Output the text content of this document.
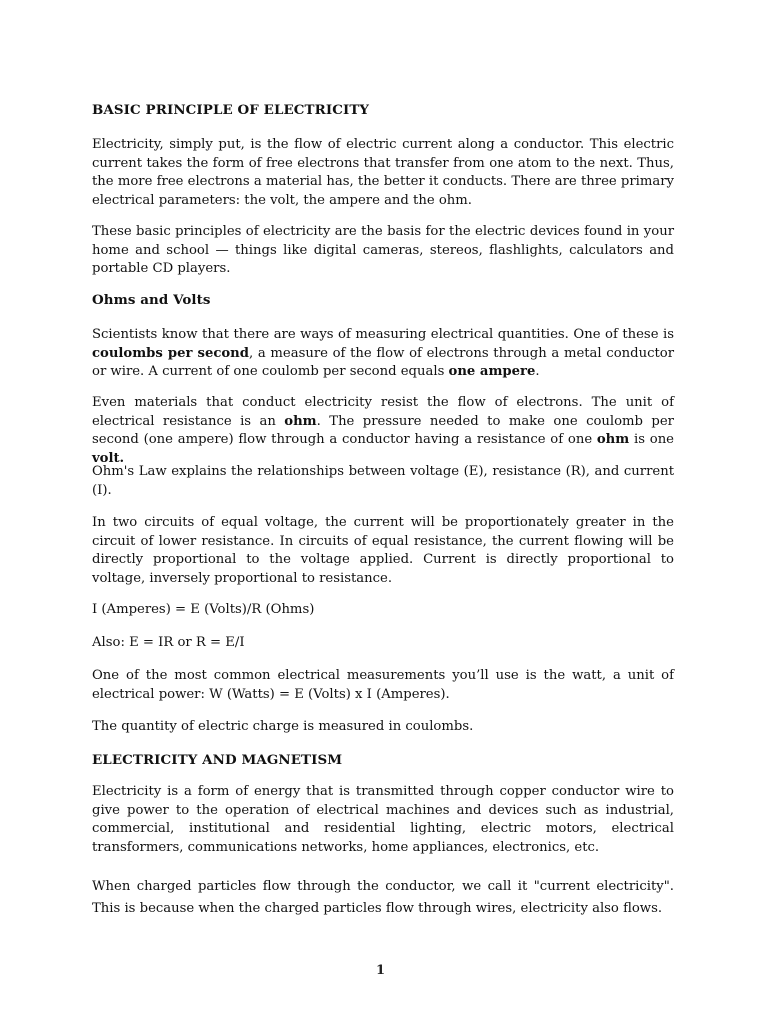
BASIC PRINCIPLE OF ELECTRICITY

Electricity, simply put, is the flow of electric current along a conductor. This electric current takes the form of free electrons that transfer from one atom to the next. Thus, the more free electrons a material has, the better it conducts. There are three primary electrical parameters: the volt, the ampere and the ohm.

These basic principles of electricity are the basis for the electric devices found in your home and school — things like digital cameras, stereos, flashlights, calculators and portable CD players.

Ohms and Volts

Scientists know that there are ways of measuring electrical quantities. One of these is coulombs per second, a measure of the flow of electrons through a metal conductor or wire. A current of one coulomb per second equals one ampere.

Even materials that conduct electricity resist the flow of electrons. The unit of electrical resistance is an ohm. The pressure needed to make one coulomb per second (one ampere) flow through a conductor having a resistance of one ohm is one volt.

Ohm's Law explains the relationships between voltage (E), resistance (R), and current (I).

In two circuits of equal voltage, the current will be proportionately greater in the circuit of lower resistance. In circuits of equal resistance, the current flowing will be directly proportional to the voltage applied. Current is directly proportional to voltage, inversely proportional to resistance.

I (Amperes) = E (Volts)/R (Ohms)

Also: E = IR or R = E/I

One of the most common electrical measurements you’ll use is the watt, a unit of electrical power: W (Watts) = E (Volts) x I (Amperes).

The quantity of electric charge is measured in coulombs.

ELECTRICITY AND MAGNETISM

Electricity is a form of energy that is transmitted through copper conductor wire to give power to the operation of electrical machines and devices such as industrial, commercial, institutional and residential lighting, electric motors, electrical transformers, communications networks, home appliances, electronics, etc.

When charged particles flow through the conductor, we call it "current electricity". This is because when the charged particles flow through wires, electricity also flows.

1
